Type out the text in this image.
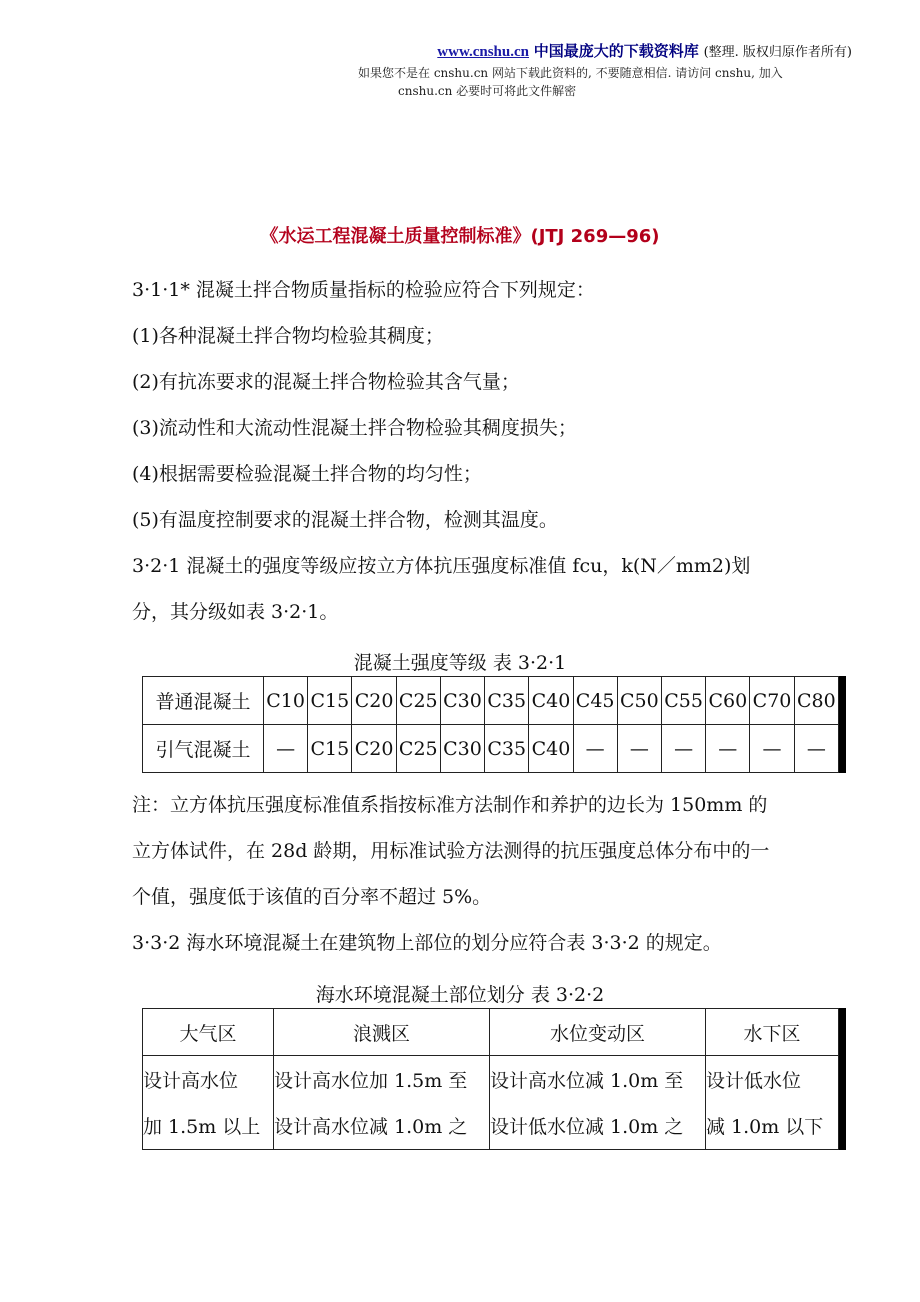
www.cnshu.cn 中国最庞大的下载资料库 (整理. 版权归原作者所有)
如果您不是在 cnshu.cn 网站下载此资料的, 不要随意相信. 请访问 cnshu, 加入
cnshu.cn 必要时可将此文件解密
《水运工程混凝土质量控制标准》(JTJ 269—96)
3·1·1* 混凝土拌合物质量指标的检验应符合下列规定：
(1)各种混凝土拌合物均检验其稠度；
(2)有抗冻要求的混凝土拌合物检验其含气量；
(3)流动性和大流动性混凝土拌合物检验其稠度损失；
(4)根据需要检验混凝土拌合物的均匀性；
(5)有温度控制要求的混凝土拌合物，检测其温度。
3·2·1 混凝土的强度等级应按立方体抗压强度标准值 fcu，k(N／mm2)划
分，其分级如表 3·2·1。
混凝土强度等级 表 3·2·1
普通混凝土	C10	C15	C20	C25	C30	C35	C40	C45	C50	C55	C60	C70	C80	
引气混凝土	—	C15	C20	C25	C30	C35	C40	—	—	—	—	—	—	
注：立方体抗压强度标准值系指按标准方法制作和养护的边长为 150mm 的
立方体试件，在 28d 龄期，用标准试验方法测得的抗压强度总体分布中的一
个值，强度低于该值的百分率不超过 5%。
3·3·2 海水环境混凝土在建筑物上部位的划分应符合表 3·3·2 的规定。
海水环境混凝土部位划分 表 3·2·2
大气区	浪溅区	水位变动区	水下区	
设计高水位	设计高水位加 1.5m 至	设计高水位减 1.0m 至	设计低水位	
加 1.5m 以上	设计高水位减 1.0m 之	设计低水位减 1.0m 之	减 1.0m 以下	
